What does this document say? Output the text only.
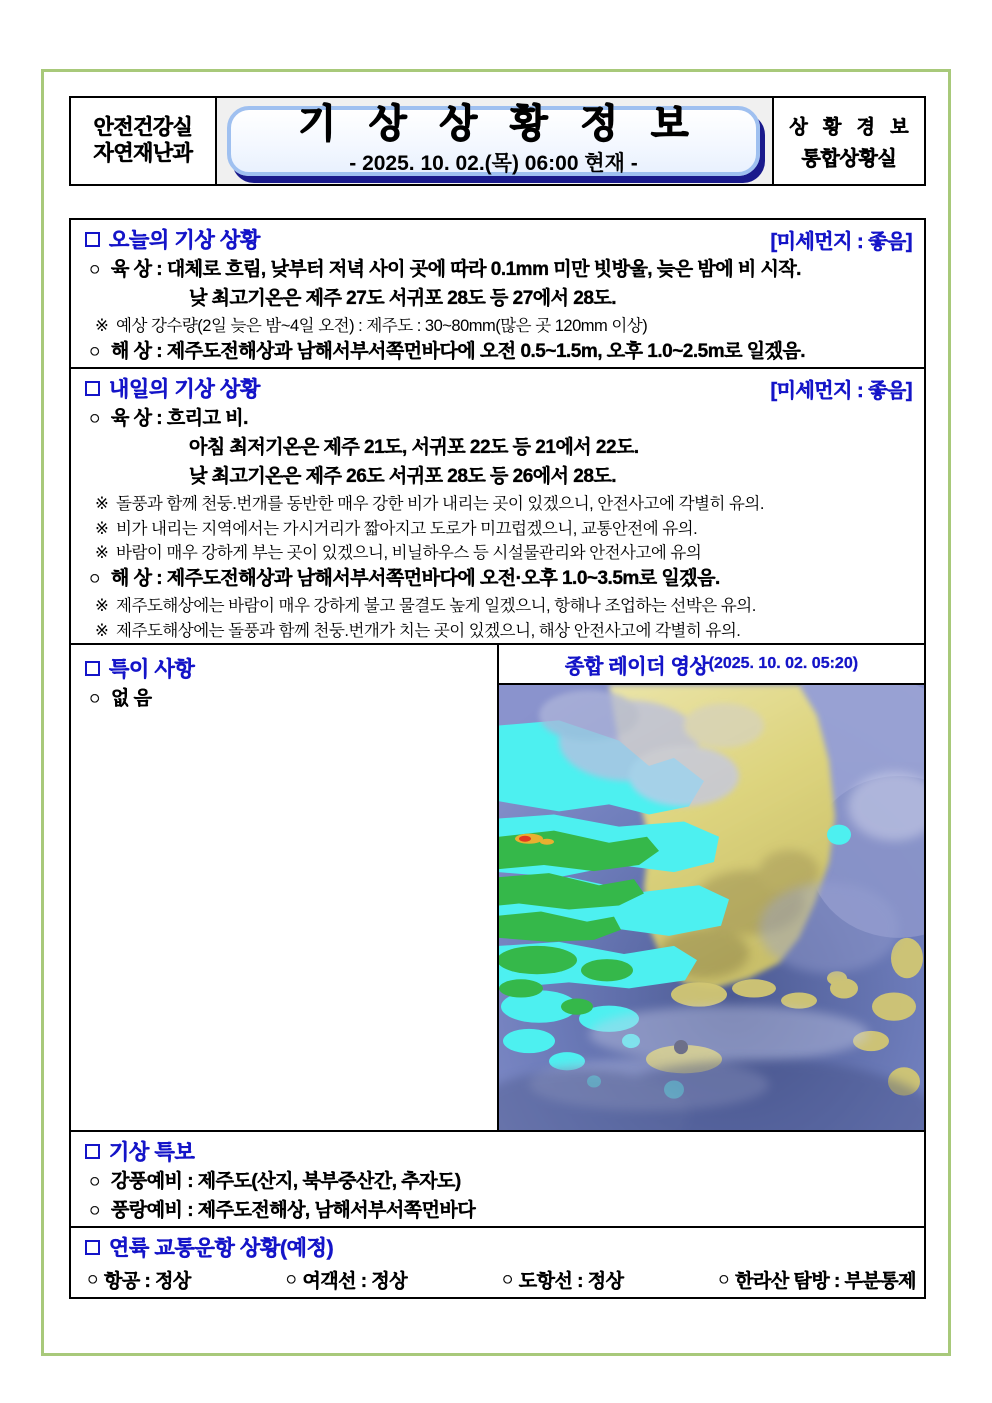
안전건강실
자연재난과
기 상 상 황 정 보
- 2025. 10. 02.(목) 06:00 현재 -
상 황 경 보
통합상황실
오늘의 기상 상황	[미세먼지 : 좋음]
○ 육 상 : 대체로 흐림, 낮부터 저녁 사이 곳에 따라 0.1mm 미만 빗방울, 늦은 밤에 비 시작.
낮 최고기온은 제주 27도 서귀포 28도 등 27에서 28도.
※ 예상 강수량(2일 늦은 밤~4일 오전) : 제주도 : 30~80mm(많은 곳 120mm 이상)
○ 해 상 : 제주도전해상과 남해서부서쪽먼바다에 오전 0.5~1.5m, 오후 1.0~2.5m로 일겠음.
내일의 기상 상황	[미세먼지 : 좋음]
○ 육 상 : 흐리고 비.
아침 최저기온은 제주 21도, 서귀포 22도 등 21에서 22도.
낮 최고기온은 제주 26도 서귀포 28도 등 26에서 28도.
※ 돌풍과 함께 천둥.번개를 동반한 매우 강한 비가 내리는 곳이 있겠으니, 안전사고에 각별히 유의.
※ 비가 내리는 지역에서는 가시거리가 짧아지고 도로가 미끄럽겠으니, 교통안전에 유의.
※ 바람이 매우 강하게 부는 곳이 있겠으니, 비닐하우스 등 시설물관리와 안전사고에 유의
○ 해 상 : 제주도전해상과 남해서부서쪽먼바다에 오전·오후 1.0~3.5m로 일겠음.
※ 제주도해상에는 바람이 매우 강하게 불고 물결도 높게 일겠으니, 항해나 조업하는 선박은 유의.
※ 제주도해상에는 돌풍과 함께 천둥.번개가 치는 곳이 있겠으니, 해상 안전사고에 각별히 유의.
특이 사항
○ 없 음
종합 레이더 영상 (2025. 10. 02. 05:20)
기상 특보
○ 강풍예비 : 제주도(산지, 북부중산간, 추자도)
○ 풍랑예비 : 제주도전해상, 남해서부서쪽먼바다
연륙 교통운항 상황(예정)
○ 항공 : 정상	○ 여객선 : 정상	○ 도항선 : 정상	○ 한라산 탐방 : 부분통제
